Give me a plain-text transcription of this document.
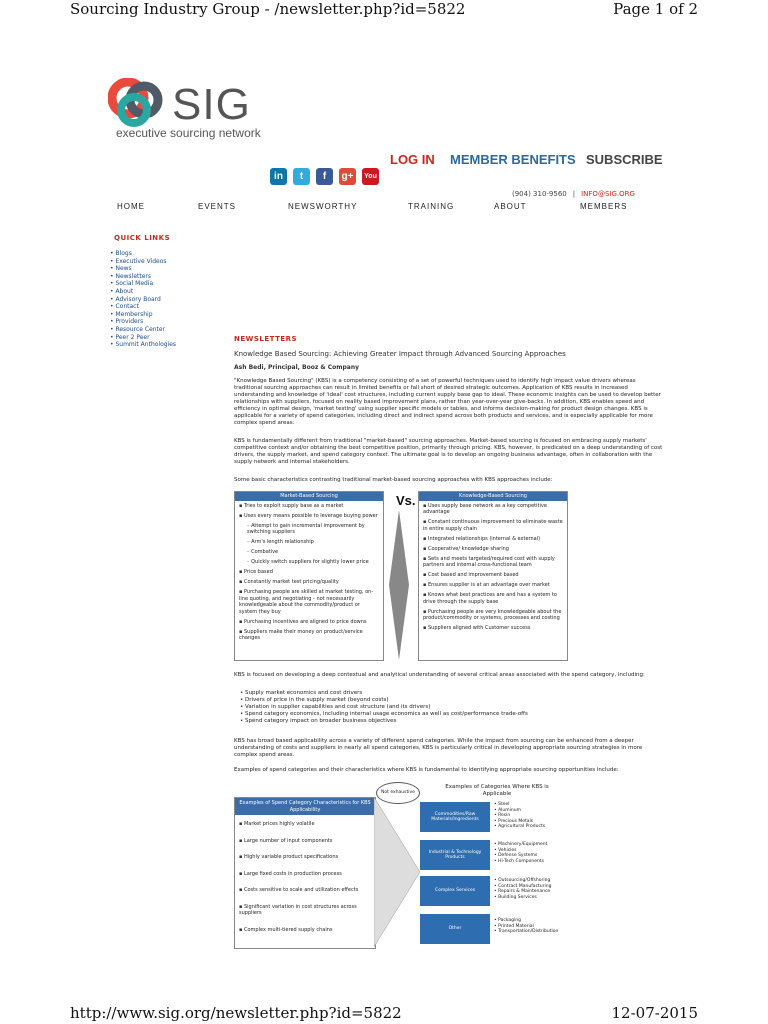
Sourcing Industry Group - /newsletter.php?id=5822	Page 1 of 2
http://www.sig.org/newsletter.php?id=5822	12-07-2015
SIG
executive sourcing network
LOG IN MEMBER BENEFITS SUBSCRIBE
in	t	f	g+	You
(904) 310-9560 | INFO@SIG.ORG
HOME	EVENTS	NEWSWORTHY	TRAINING	ABOUT	MEMBERS
QUICK LINKS
• Blogs
• Executive Videos
• News
• Newsletters
• Social Media
• About
• Advisory Board
• Contact
• Membership
• Providers
• Resource Center
• Peer 2 Peer
• Summit Anthologies
NEWSLETTERS
Knowledge Based Sourcing: Achieving Greater Impact through Advanced Sourcing Approaches
Ash Bedi, Principal, Booz & Company
"Knowledge Based Sourcing" (KBS) is a competency consisting of a set of powerful techniques used to identify high impact value drivers whereas traditional sourcing approaches can result in limited benefits or fall short of desired strategic outcomes. Application of KBS results in increased understanding and knowledge of 'ideal' cost structures, including current supply base gap to ideal. These economic insights can be used to develop better relationships with suppliers, focused on reality based improvement plans, rather than year-over-year give-backs. In addition, KBS enables speed and efficiency in optimal design, 'market testing' using supplier specific models or tables, and informs decision-making for product design changes. KBS is applicable for a variety of spend categories, including direct and indirect spend across both products and services, and is especially applicable for more complex spend areas.
KBS is fundamentally different from traditional "market-based" sourcing approaches. Market-based sourcing is focused on embracing supply markets' competitive context and/or obtaining the best competitive position, primarily through pricing. KBS, however, is predicated on a deep understanding of cost drivers, the supply market, and spend category context. The ultimate goal is to develop an ongoing business advantage, often in collaboration with the supply network and internal stakeholders.
Some basic characteristics contrasting traditional market-based sourcing approaches with KBS approaches include:
Market-Based Sourcing
▪ Tries to exploit supply base as a market
▪ Uses every means possible to leverage buying power
– Attempt to gain incremental improvement by switching suppliers
– Arm's length relationship
– Combative
– Quickly switch suppliers for slightly lower price
▪ Price based
▪ Constantly market test pricing/quality
▪ Purchasing people are skilled at market testing, on-line quoting, and negotiating - not necessarily knowledgeable about the commodity/product or system they buy
▪ Purchasing incentives are aligned to price downs
▪ Suppliers make their money on product/service changes
Vs.	Knowledge-Based Sourcing
▪ Uses supply base network as a key competitive advantage
▪ Constant continuous improvement to eliminate waste in entire supply chain
▪ Integrated relationships (internal & external)
▪ Cooperative/ knowledge sharing
▪ Sets and meets targeted/required cost with supply partners and internal cross-functional team
▪ Cost based and improvement based
▪ Ensures supplier is at an advantage over market
▪ Knows what best practices are and has a system to drive through the supply base
▪ Purchasing people are very knowledgeable about the product/commodity or systems, processes and costing
▪ Suppliers aligned with Customer success
KBS is focused on developing a deep contextual and analytical understanding of several critical areas associated with the spend category, including:
• Supply market economics and cost drivers
• Drivers of price in the supply market (beyond costs)
• Variation in supplier capabilities and cost structure (and its drivers)
• Spend category economics, including internal usage economics as well as cost/performance trade-offs
• Spend category impact on broader business objectives
KBS has broad based applicability across a variety of different spend categories. While the impact from sourcing can be enhanced from a deeper understanding of costs and suppliers in nearly all spend categories, KBS is particularly critical in developing appropriate sourcing strategies in more complex spend areas.
Examples of spend categories and their characteristics where KBS is fundamental to identifying appropriate sourcing opportunities include:
Examples of Spend Category Characteristics for KBS Applicability
▪ Market prices highly volatile
▪ Large number of input components
▪ Highly variable product specifications
▪ Large fixed costs in production process
▪ Costs sensitive to scale and utilization effects
▪ Significant variation in cost structures across suppliers
▪ Complex multi-tiered supply chains
Not exhaustive
Examples of Categories Where KBS is Applicable
Commodities/Raw Materials/Ingredients
• Steel
• Aluminum
• Resin
• Precious Metals
• Agricultural Products
Industrial & Technology Products
• Machinery/Equipment
• Vehicles
• Defense Systems
• Hi-Tech Components
Complex Services
• Outsourcing/Offshoring
• Contract Manufacturing
• Repairs & Maintenance
• Building Services
Other
• Packaging
• Printed Material
• Transportation/Distribution
